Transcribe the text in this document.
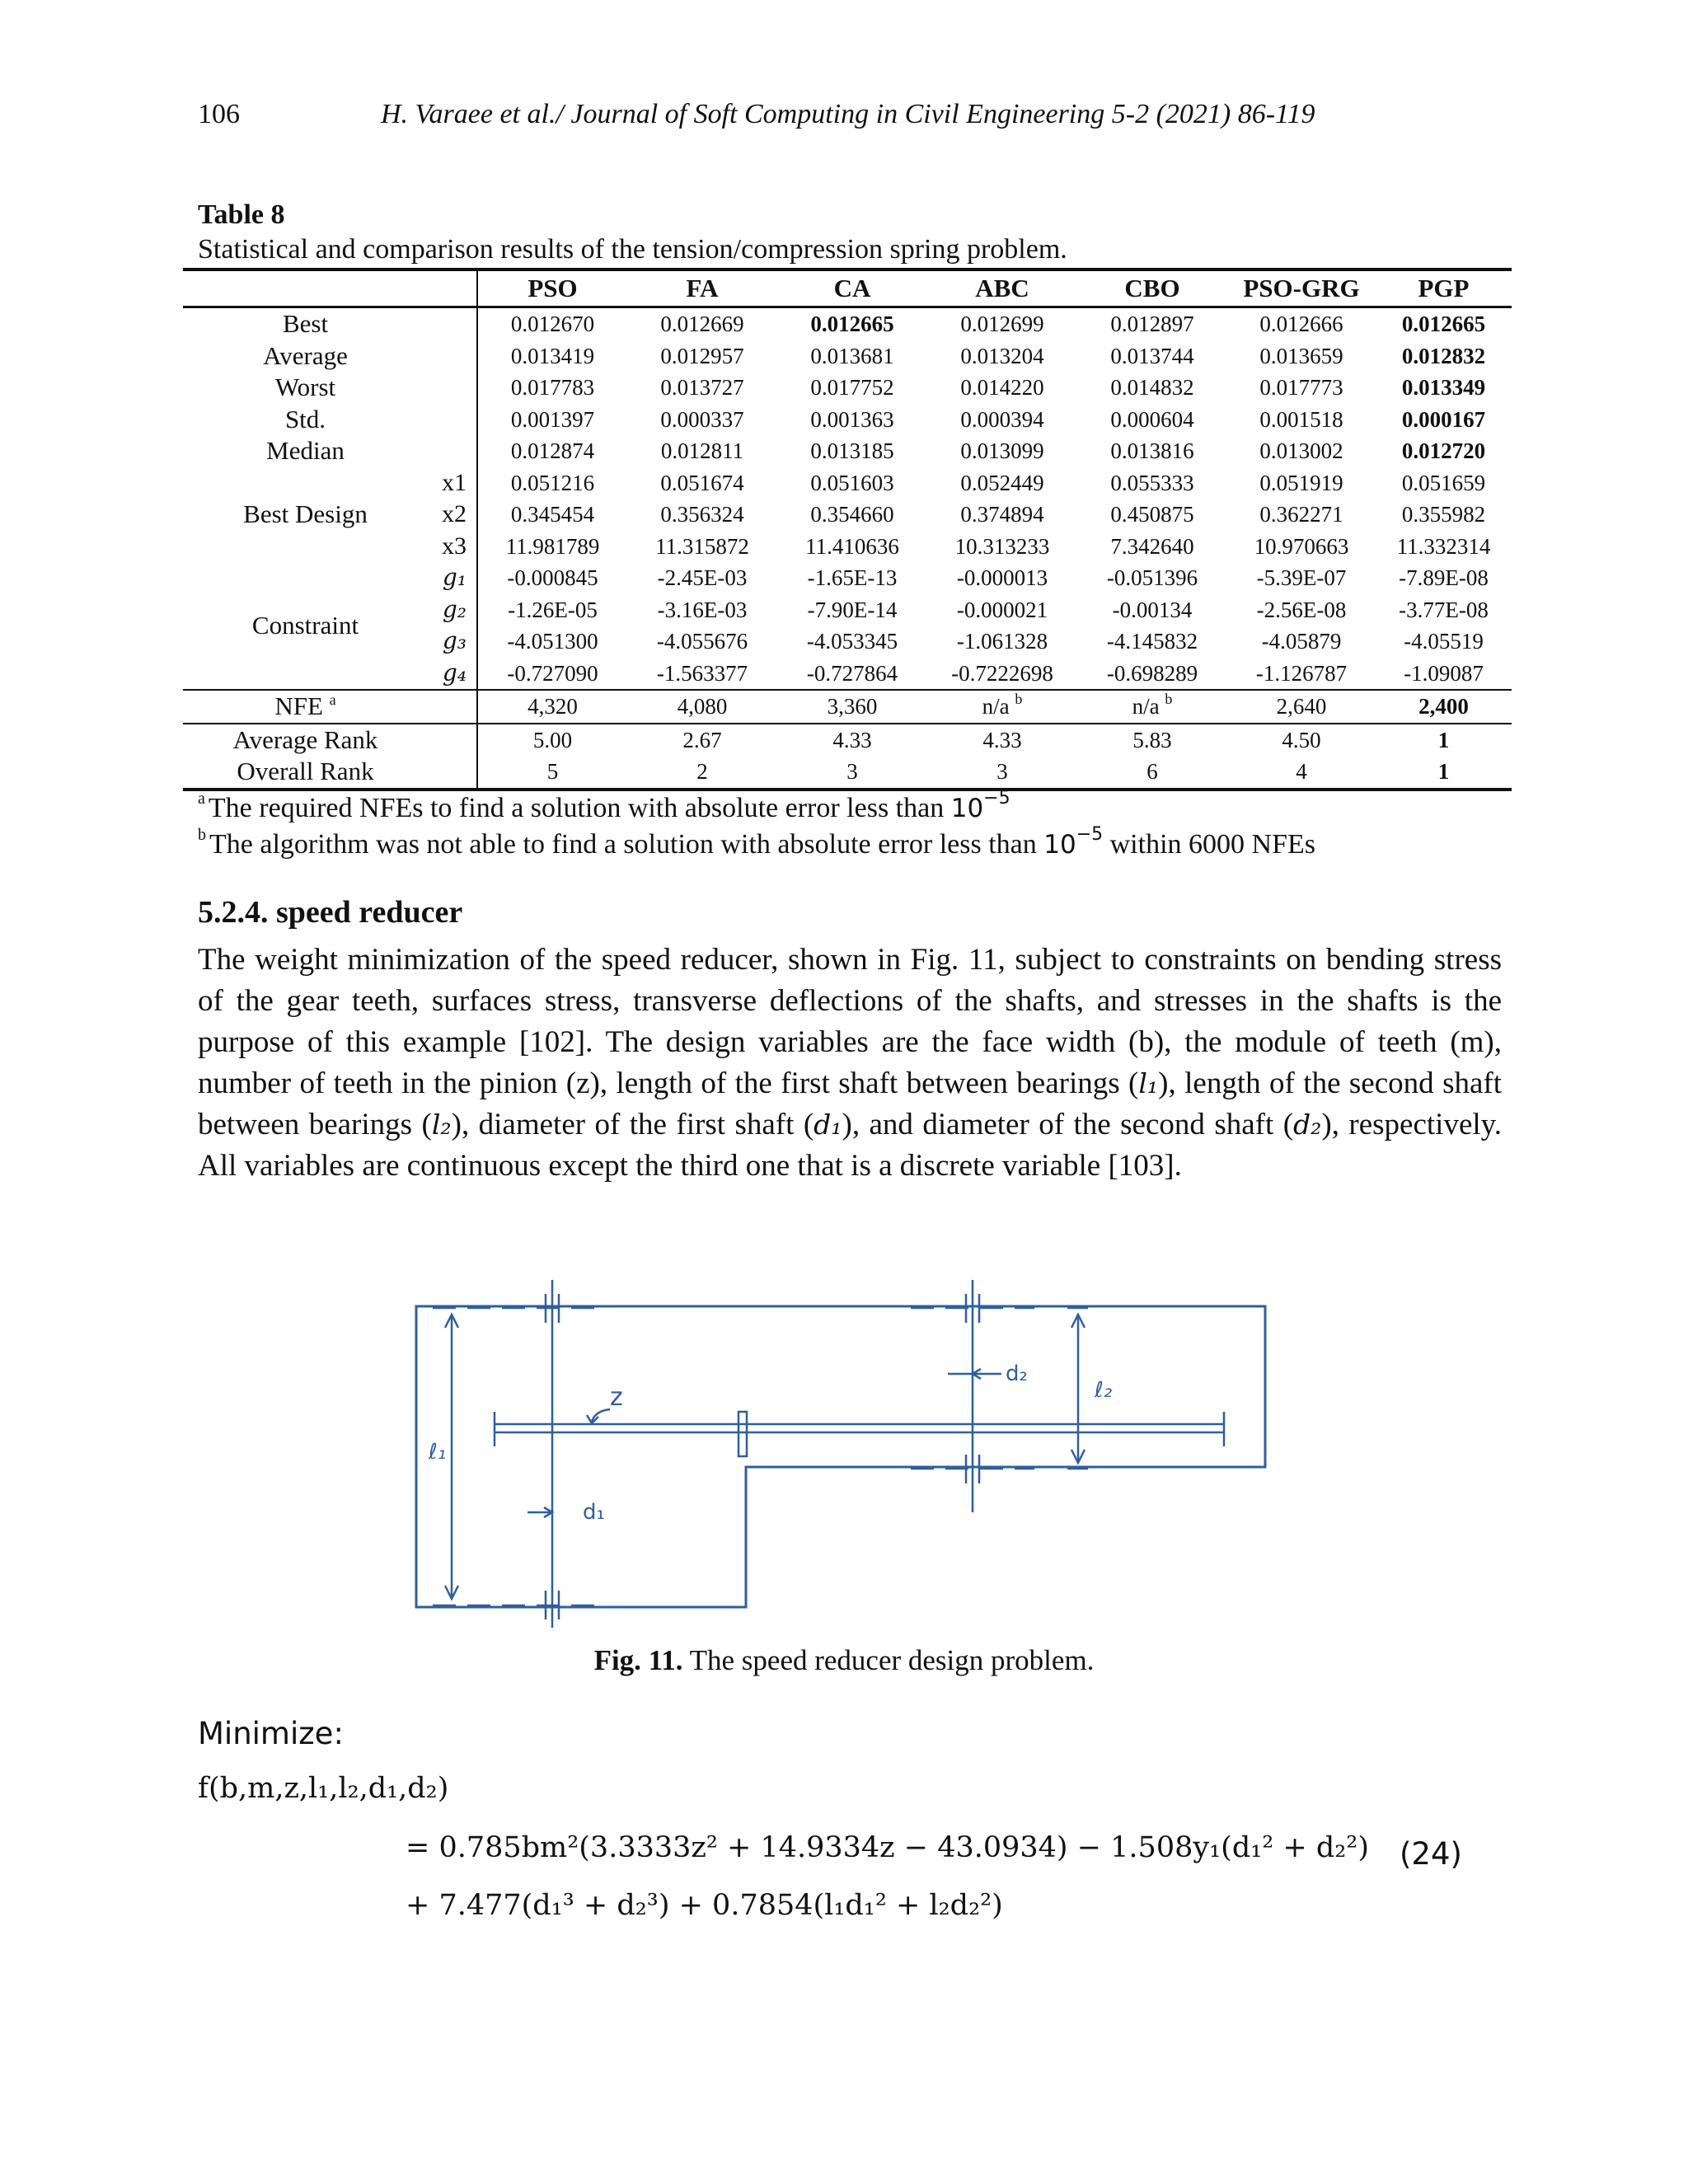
106	H. Varaee et al./ Journal of Soft Computing in Civil Engineering 5-2 (2021) 86-119
Table 8
Statistical and comparison results of the tension/compression spring problem.
		PSO	FA	CA	ABC	CBO	PSO-GRG	PGP
Best		0.012670	0.012669	0.012665	0.012699	0.012897	0.012666	0.012665
Average		0.013419	0.012957	0.013681	0.013204	0.013744	0.013659	0.012832
Worst		0.017783	0.013727	0.017752	0.014220	0.014832	0.017773	0.013349
Std.		0.001397	0.000337	0.001363	0.000394	0.000604	0.001518	0.000167
Median		0.012874	0.012811	0.013185	0.013099	0.013816	0.013002	0.012720
Best Design	x1	0.051216	0.051674	0.051603	0.052449	0.055333	0.051919	0.051659
	x2	0.345454	0.356324	0.354660	0.374894	0.450875	0.362271	0.355982
	x3	11.981789	11.315872	11.410636	10.313233	7.342640	10.970663	11.332314
Constraint	g₁	-0.000845	-2.45E-03	-1.65E-13	-0.000013	-0.051396	-5.39E-07	-7.89E-08
	g₂	-1.26E-05	-3.16E-03	-7.90E-14	-0.000021	-0.00134	-2.56E-08	-3.77E-08
	g₃	-4.051300	-4.055676	-4.053345	-1.061328	-4.145832	-4.05879	-4.05519
	g₄	-0.727090	-1.563377	-0.727864	-0.7222698	-0.698289	-1.126787	-1.09087
NFE $^a$		4,320	4,080	3,360	n/a $^b$	n/a $^b$	2,640	2,400
Average Rank		5.00	2.67	4.33	4.33	5.83	4.50	1
Overall Rank		5	2	3	3	6	4	1
$^a$ The required NFEs to find a solution with absolute error less than $10^{-5}$
$^b$ The algorithm was not able to find a solution with absolute error less than $10^{-5}$ within 6000 NFEs
5.2.4. speed reducer
The weight minimization of the speed reducer, shown in Fig. 11, subject to constraints on bending stress of the gear teeth, surfaces stress, transverse deflections of the shafts, and stresses in the shafts is the purpose of this example [102]. The design variables are the face width (b), the module of teeth (m), number of teeth in the pinion (z), length of the first shaft between bearings (l₁), length of the second shaft between bearings (l₂), diameter of the first shaft (d₁), and diameter of the second shaft (d₂), respectively. All variables are continuous except the third one that is a discrete variable [103].
z
d₁
d₂
ℓ₁
ℓ₂
Fig. 11. The speed reducer design problem.
Minimize:
f(b,m,z,l₁,l₂,d₁,d₂)
= 0.785bm²(3.3333z² + 14.9334z − 43.0934) − 1.508y₁(d₁² + d₂²)
+ 7.477(d₁³ + d₂³) + 0.7854(l₁d₁² + l₂d₂²)
(24)
